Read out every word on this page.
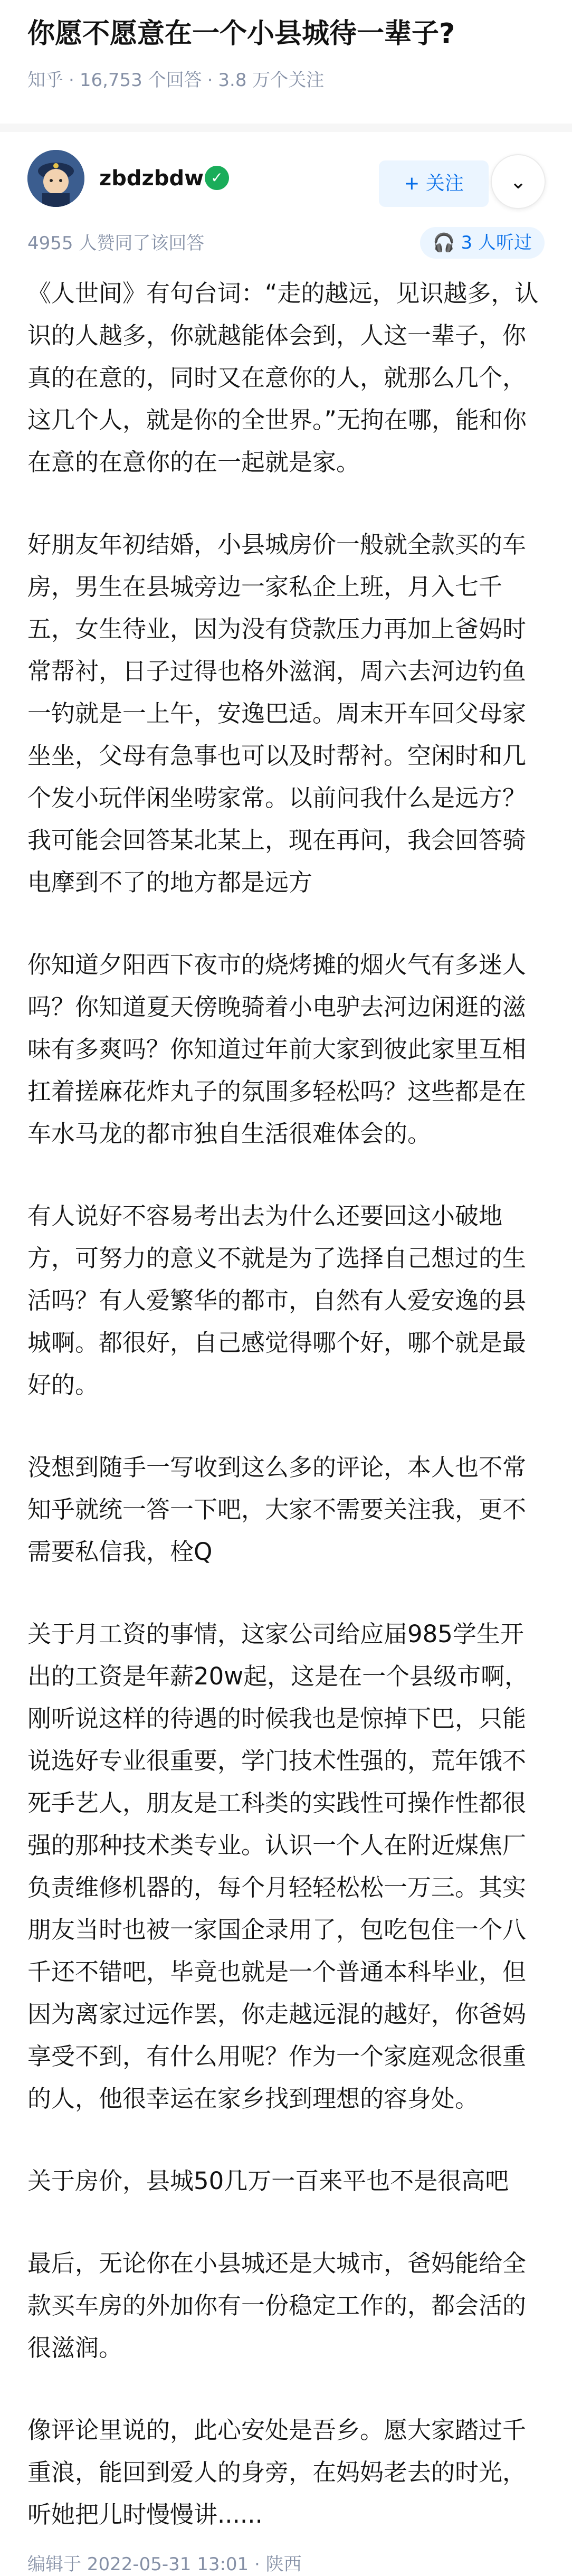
你愿不愿意在一个小县城待一辈子?
知乎 · 16,753 个回答 · 3.8 万个关注
zbdzbdw ✓	+ 关注	⌄
4955 人赞同了该回答	🎧 3 人听过

《人世间》有句台词：“走的越远，见识越多，认识的人越多，你就越能体会到，人这一辈子，你真的在意的，同时又在意你的人，就那么几个，这几个人，就是你的全世界。”无拘在哪，能和你在意的在意你的在一起就是家。

好朋友年初结婚，小县城房价一般就全款买的车房，男生在县城旁边一家私企上班，月入七千五，女生待业，因为没有贷款压力再加上爸妈时常帮衬，日子过得也格外滋润，周六去河边钓鱼一钓就是一上午，安逸巴适。周末开车回父母家坐坐，父母有急事也可以及时帮衬。空闲时和几个发小玩伴闲坐唠家常。以前问我什么是远方？我可能会回答某北某上，现在再问，我会回答骑电摩到不了的地方都是远方

你知道夕阳西下夜市的烧烤摊的烟火气有多迷人吗？你知道夏天傍晚骑着小电驴去河边闲逛的滋味有多爽吗？你知道过年前大家到彼此家里互相扛着搓麻花炸丸子的氛围多轻松吗？这些都是在车水马龙的都市独自生活很难体会的。

有人说好不容易考出去为什么还要回这小破地方，可努力的意义不就是为了选择自己想过的生活吗？有人爱繁华的都市，自然有人爱安逸的县城啊。都很好，自己感觉得哪个好，哪个就是最好的。

没想到随手一写收到这么多的评论，本人也不常知乎就统一答一下吧，大家不需要关注我，更不需要私信我，栓Q

关于月工资的事情，这家公司给应届985学生开出的工资是年薪20w起，这是在一个县级市啊，刚听说这样的待遇的时候我也是惊掉下巴，只能说选好专业很重要，学门技术性强的，荒年饿不死手艺人，朋友是工科类的实践性可操作性都很强的那种技术类专业。认识一个人在附近煤焦厂负责维修机器的，每个月轻轻松松一万三。其实朋友当时也被一家国企录用了，包吃包住一个八千还不错吧，毕竟也就是一个普通本科毕业，但因为离家过远作罢，你走越远混的越好，你爸妈享受不到，有什么用呢？作为一个家庭观念很重的人，他很幸运在家乡找到理想的容身处。

关于房价，县城50几万一百来平也不是很高吧

最后，无论你在小县城还是大城市，爸妈能给全款买车房的外加你有一份稳定工作的，都会活的很滋润。

像评论里说的，此心安处是吾乡。愿大家踏过千重浪，能回到爱人的身旁，在妈妈老去的时光，听她把儿时慢慢讲......

编辑于 2022-05-31 13:01 · 陕西
